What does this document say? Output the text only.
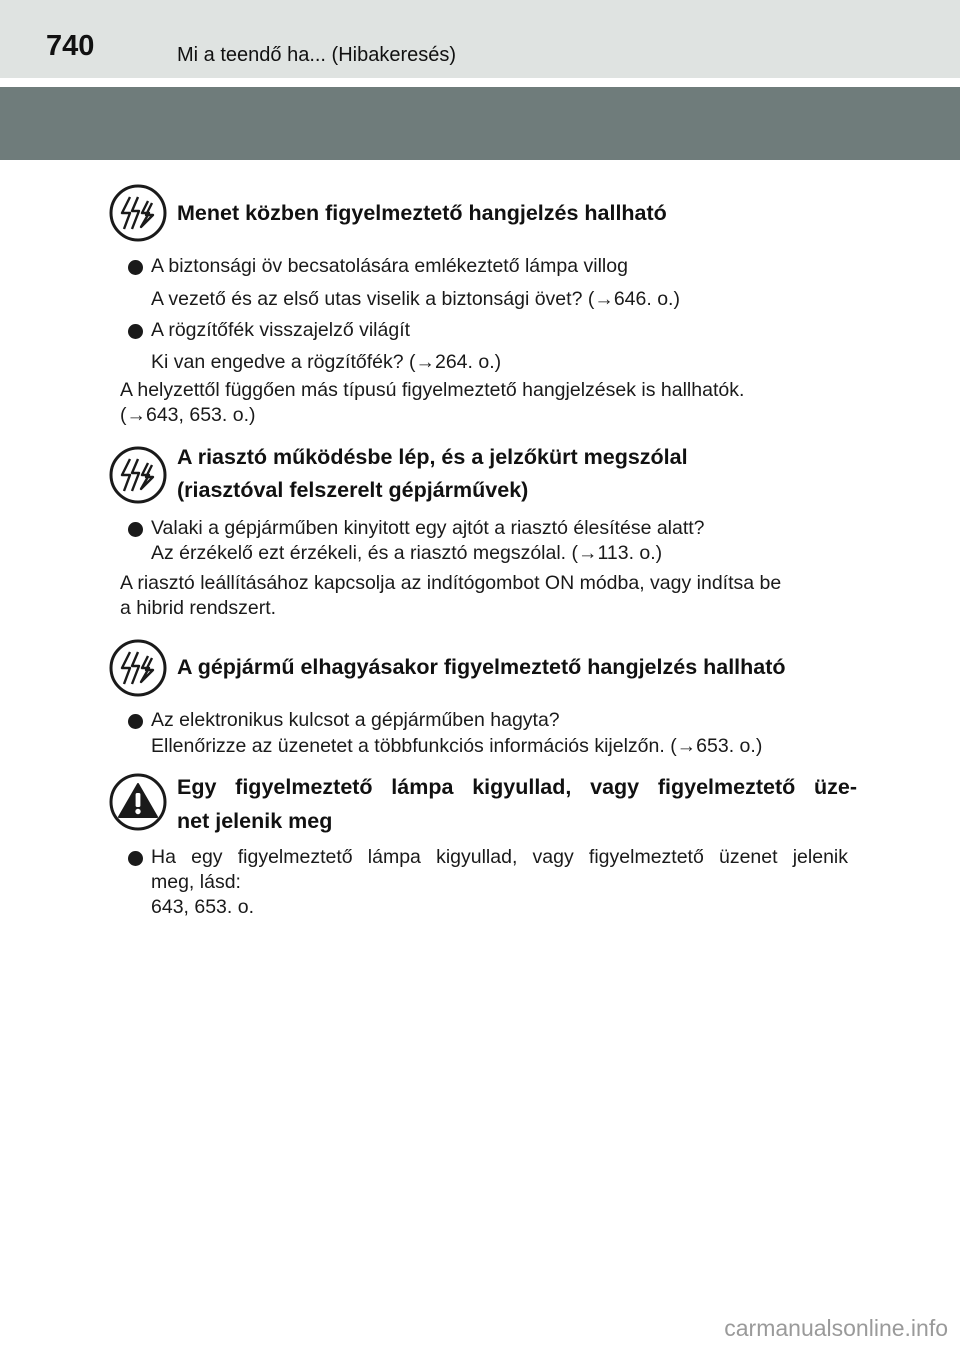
740	Mi a teendő ha... (Hibakeresés)
Menet közben figyelmeztető hangjelzés hallható
A biztonsági öv becsatolására emlékeztető lámpa villog
A vezető és az első utas viselik a biztonsági övet? (→646. o.)
A rögzítőfék visszajelző világít
Ki van engedve a rögzítőfék? (→264. o.)
A helyzettől függően más típusú figyelmeztető hangjelzések is hallhatók.
(→643, 653. o.)
A riasztó működésbe lép, és a jelzőkürt megszólal
(riasztóval felszerelt gépjárművek)
Valaki a gépjárműben kinyitott egy ajtót a riasztó élesítése alatt?
Az érzékelő ezt érzékeli, és a riasztó megszólal. (→113. o.)
A riasztó leállításához kapcsolja az indítógombot ON módba, vagy indítsa be
a hibrid rendszert.
A gépjármű elhagyásakor figyelmeztető hangjelzés hallható
Az elektronikus kulcsot a gépjárműben hagyta?
Ellenőrizze az üzenetet a többfunkciós információs kijelzőn. (→653. o.)
Egy figyelmeztető lámpa kigyullad, vagy figyelmeztető üze-
net jelenik meg
Ha egy figyelmeztető lámpa kigyullad, vagy figyelmeztető üzenet jelenik
meg, lásd:
643, 653. o.
carmanualsonline.info
